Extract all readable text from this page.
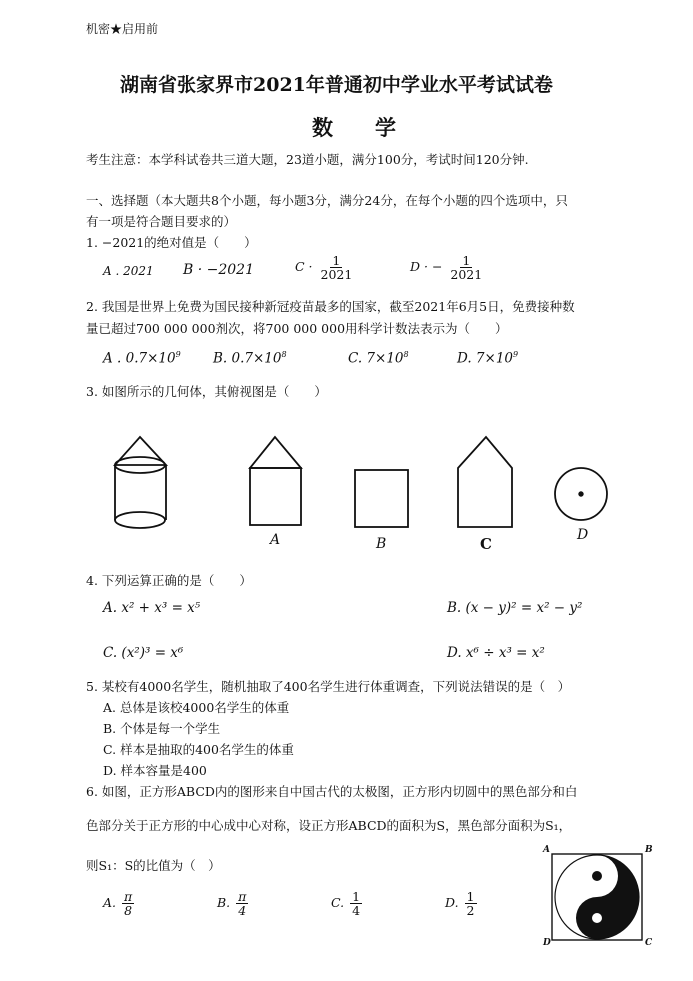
机密★启用前
湖南省张家界市2021年普通初中学业水平考试试卷
数　　学
考生注意：本学科试卷共三道大题，23道小题，满分100分，考试时间120分钟.
一、选择题（本大题共8个小题，每小题3分，满分24分，在每个小题的四个选项中，只
有一项是符合题目要求的）
1. −2021的绝对值是（　　）
A . 2021 B · −2021	$C \cdot \frac{1}{2021}$	D · − $\frac{1}{2021}$
2. 我国是世界上免费为国民接种新冠疫苗最多的国家，截至2021年6月5日，免费接种数
量已超过700 000 000剂次，将700 000 000用科学计数法表示为（　　）
A . $0.7\times 10^9$ B. $0.7\times 10^8$	C. $7\times 10^8$	D. $7\times 10^9$
3. 如图所示的几何体，其俯视图是（　　）
A	B	C	D
4. 下列运算正确的是（　　）
A. x² + x³ = x⁵	B. (x − y)² = x² − y²
C. (x²)³ = x⁶	D. x⁶ ÷ x³ = x²
5. 某校有4000名学生，随机抽取了400名学生进行体重调查，下列说法错误的是（　）
A. 总体是该校4000名学生的体重
B. 个体是每一个学生
C. 样本是抽取的400名学生的体重
D. 样本容量是400
6. 如图，正方形ABCD内的图形来自中国古代的太极图，正方形内切圆中的黑色部分和白
色部分关于正方形的中心成中心对称，设正方形ABCD的面积为S，黑色部分面积为S₁，
则S₁：S的比值为（　）
A. $\frac{\pi}{8}$	B. $\frac{\pi}{4}$	C. $\frac{1}{4}$	D. $\frac{1}{2}$
A	B
C
D
